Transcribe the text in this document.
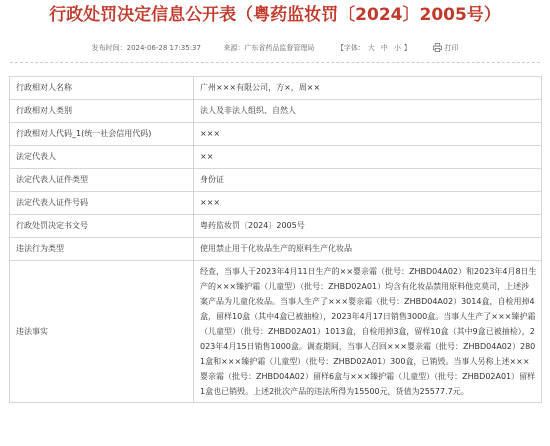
行政处罚决定信息公开表（粤药监妆罚〔2024〕2005号）
发布时间：2024-06-28 17:35:37	来源：广东省药品监督管理局	【字体： 大 中 小 】	打印
行政相对人名称	广州×××有限公司，方×，周××
行政相对人类别	法人及非法人组织、自然人
行政相对人代码_1(统一社会信用代码)	×××
法定代表人	××
法定代表人证件类型	身份证
法定代表人证件号码	×××
行政处罚决定书文号	粤药监妆罚〔2024〕2005号
违法行为类型	使用禁止用于化妆品生产的原料生产化妆品
违法事实	经查，当事人于2023年4月11日生产的××婴亲霜（批号：ZHBD04A02）和2023年4月8日生产的×××臻护霜（儿童型）（批号：ZHBD02A01）均含有化妆品禁用原料他克莫司，上述涉案产品为儿童化妆品。当事人生产了×××婴亲霜（批号：ZHBD04A02）3014盒，自检用掉4盒，留样10盒（其中4盒已被抽检），2023年4月17日销售3000盒。当事人生产了×××臻护霜（儿童型）（批号：ZHBD02A01）1013盒，自检用掉3盒，留样10盒（其中9盒已被抽检），2023年4月15日销售1000盒。调查期间，当事人召回×××婴亲霜（批号：ZHBD04A02）2801盒和×××臻护霜（儿童型）（批号：ZHBD02A01）300盒，已销毁。当事人另称上述×××婴亲霜（批号：ZHBD04A02）留样6盒与×××臻护霜（儿童型）（批号：ZHBD02A01）留样1盒也已销毁。上述2批次产品的违法所得为15500元，货值为25577.7元。
